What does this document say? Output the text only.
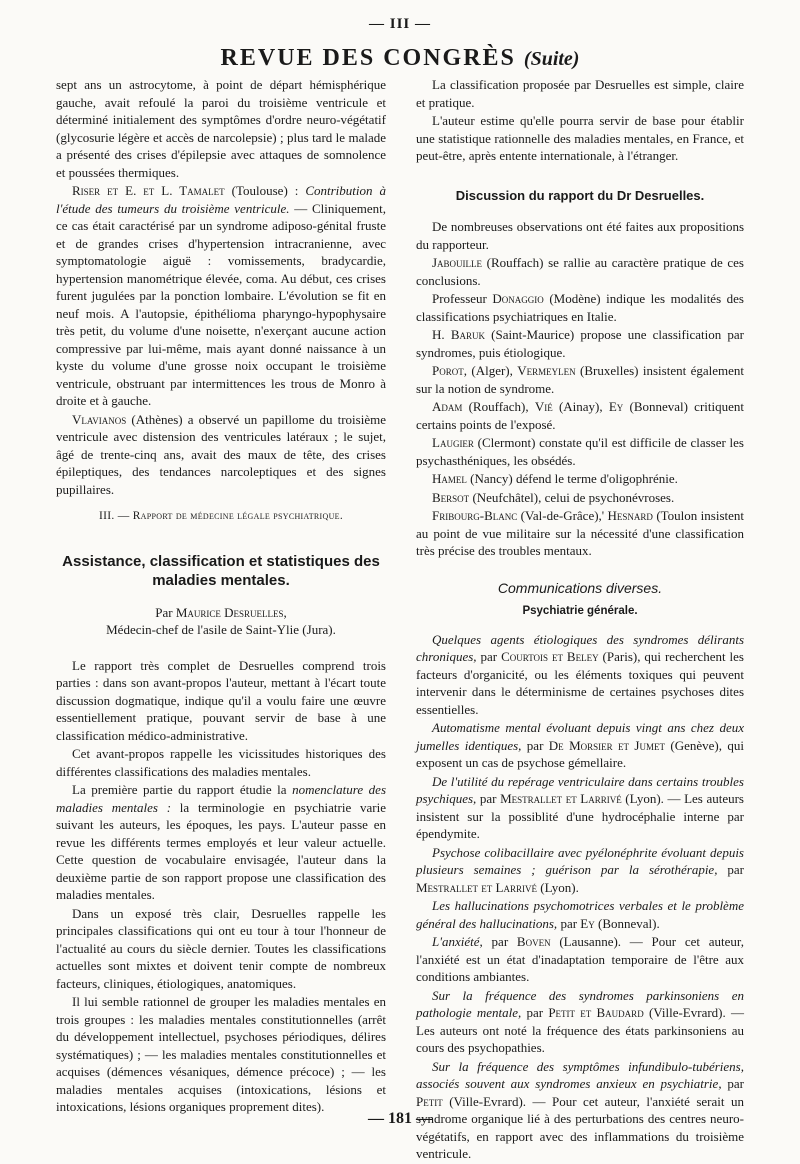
— III —
REVUE DES CONGRÈS (Suite)

sept ans un astrocytome, à point de départ hémisphérique gauche, avait refoulé la paroi du troisième ventricule et déterminé initialement des symptômes d'ordre neuro-végétatif (glycosurie légère et accès de narcolepsie) ; plus tard le malade a présenté des crises d'épilepsie avec attaques de somnolence et poussées thermiques.

Riser et E. et L. Tamalet (Toulouse) : Contribution à l'étude des tumeurs du troisième ventricule. — Cliniquement, ce cas était caractérisé par un syndrome adiposo-génital fruste et de grandes crises d'hypertension intracranienne, avec symptomatologie aiguë : vomissements, bradycardie, hypertension manométrique élevée, coma. Au début, ces crises furent jugulées par la ponction lombaire. L'évolution se fit en neuf mois. A l'autopsie, épithélioma pharyngo-hypophysaire très petit, du volume d'une noisette, n'exerçant aucune action compressive par lui-même, mais ayant donné naissance à un kyste du volume d'une grosse noix occupant le troisième ventricule, obstruant par intermittences les trous de Monro à droite et à gauche.

Vlavianos (Athènes) a observé un papillome du troisième ventricule avec distension des ventricules latéraux ; le sujet, âgé de trente-cinq ans, avait des maux de tête, des crises épileptiques, des tendances narcoleptiques et des signes pupillaires.

III. — Rapport de médecine légale psychiatrique.
Assistance, classification et statistiques des maladies mentales.

Par Maurice Desruelles,

Médecin-chef de l'asile de Saint-Ylie (Jura).

Le rapport très complet de Desruelles comprend trois parties : dans son avant-propos l'auteur, mettant à l'écart toute discussion dogmatique, indique qu'il a voulu faire une œuvre essentiellement pratique, pouvant servir de base à une classification médico-administrative.

Cet avant-propos rappelle les vicissitudes historiques des différentes classifications des maladies mentales.

La première partie du rapport étudie la nomenclature des maladies mentales : la terminologie en psychiatrie varie suivant les auteurs, les époques, les pays. L'auteur passe en revue les différents termes employés et leur valeur actuelle. Cette question de vocabulaire envisagée, l'auteur dans la deuxième partie de son rapport propose une classification des maladies mentales.

Dans un exposé très clair, Desruelles rappelle les principales classifications qui ont eu tour à tour l'honneur de l'actualité au cours du siècle dernier. Toutes les classifications actuelles sont mixtes et doivent tenir compte de nombreux facteurs, cliniques, étiologiques, anatomiques.

Il lui semble rationnel de grouper les maladies mentales en trois groupes : les maladies mentales constitutionnelles (arrêt du développement intellectuel, psychoses périodiques, délires systématiques) ; — les maladies mentales constitutionnelles et acquises (démences vésaniques, démence précoce) ; — les maladies mentales acquises (intoxications, lésions et intoxications, lésions organiques proprement dites).

La classification proposée par Desruelles est simple, claire et pratique.

L'auteur estime qu'elle pourra servir de base pour établir une statistique rationnelle des maladies mentales, en France, et peut-être, après entente internationale, à l'étranger.

Discussion du rapport du Dr Desruelles.

De nombreuses observations ont été faites aux propositions du rapporteur.

Jabouille (Rouffach) se rallie au caractère pratique de ces conclusions.

Professeur Donaggio (Modène) indique les modalités des classifications psychiatriques en Italie.

H. Baruk (Saint-Maurice) propose une classification par syndromes, puis étiologique.

Porot, (Alger), Vermeylen (Bruxelles) insistent également sur la notion de syndrome.

Adam (Rouffach), Vié (Ainay), Ey (Bonneval) critiquent certains points de l'exposé.

Laugier (Clermont) constate qu'il est difficile de classer les psychasthéniques, les obsédés.

Hamel (Nancy) défend le terme d'oligophrénie.

Bersot (Neufchâtel), celui de psychonévroses.

Fribourg-Blanc (Val-de-Grâce),' Hesnard (Toulon insistent au point de vue militaire sur la nécessité d'une classification très précise des troubles mentaux.

Communications diverses.
Psychiatrie générale.

Quelques agents étiologiques des syndromes délirants chroniques, par Courtois et Beley (Paris), qui recherchent les facteurs d'organicité, ou les éléments toxiques qui peuvent intervenir dans le déterminisme de certaines psychoses dites essentielles.

Automatisme mental évoluant depuis vingt ans chez deux jumelles identiques, par De Morsier et Jumet (Genève), qui exposent un cas de psychose gémellaire.

De l'utilité du repérage ventriculaire dans certains troubles psychiques, par Mestrallet et Larrivé (Lyon). — Les auteurs insistent sur la possiblité d'une hydrocéphalie interne par épendymite.

Psychose colibacillaire avec pyélonéphrite évoluant depuis plusieurs semaines ; guérison par la sérothérapie, par Mestrallet et Larrivé (Lyon).

Les hallucinations psychomotrices verbales et le problème général des hallucinations, par Ey (Bonneval).

L'anxiété, par Boven (Lausanne). — Pour cet auteur, l'anxiété est un état d'inadaptation temporaire de l'être aux conditions ambiantes.

Sur la fréquence des syndromes parkinsoniens en pathologie mentale, par Petit et Baudard (Ville-Evrard). — Les auteurs ont noté la fréquence des états parkinsoniens au cours des psychopathies.

Sur la fréquence des symptômes infundibulo-tubériens, associés souvent aux syndromes anxieux en psychiatrie, par Petit (Ville-Evrard). — Pour cet auteur, l'anxiété serait un syndrome organique lié à des perturbations des centres neuro-végétatifs, en rapport avec des inflammations du troisième ventricule.

— 181 —
